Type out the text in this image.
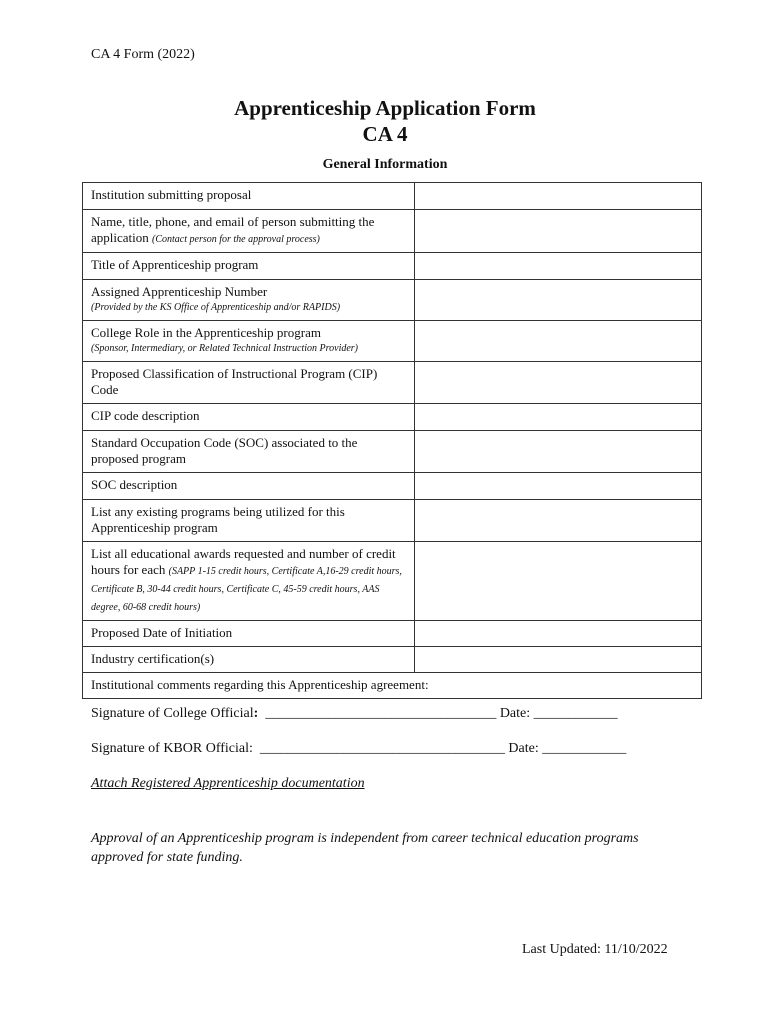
CA 4 Form (2022)
Apprenticeship Application Form
CA 4
General Information
Institution submitting proposal	
Name, title, phone, and email of person submitting the application (Contact person for the approval process)	
Title of Apprenticeship program	

Assigned Apprenticeship Number
(Provided by the KS Office of Apprenticeship and/or RAPIDS)	

College Role in the Apprenticeship program
(Sponsor, Intermediary, or Related Technical Instruction Provider)	

Proposed Classification of Instructional Program (CIP) Code	
CIP code description	
Standard Occupation Code (SOC) associated to the proposed program	
SOC description	
List any existing programs being utilized for this Apprenticeship program	
List all educational awards requested and number of credit hours for each (SAPP 1-15 credit hours, Certificate A,16-29 credit hours, Certificate B, 30-44 credit hours, Certificate C, 45-59 credit hours, AAS degree, 60-68 credit hours)	
Proposed Date of Initiation	
Industry certification(s)	
Institutional comments regarding this Apprenticeship agreement:	
Signature of College Official: _________________________________ Date: ____________
Signature of KBOR Official: ___________________________________ Date: ____________
Attach Registered Apprenticeship documentation
Approval of an Apprenticeship program is independent from career technical education programs approved for state funding.
Last Updated: 11/10/2022
